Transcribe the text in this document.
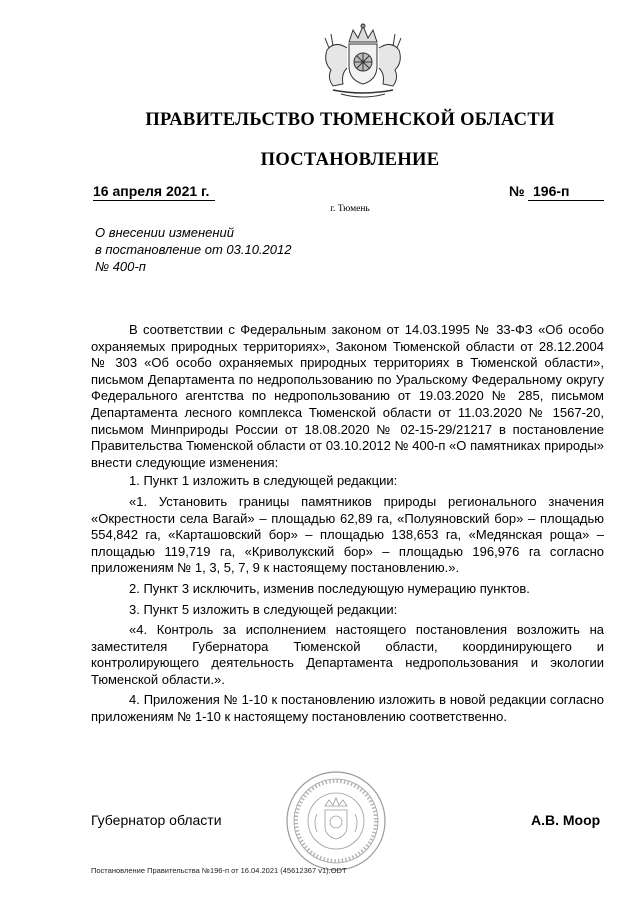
ПРАВИТЕЛЬСТВО ТЮМЕНСКОЙ ОБЛАСТИ
ПОСТАНОВЛЕНИЕ
16 апреля 2021 г.	№ 196-п
г. Тюмень
О внесении изменений
в постановление от 03.10.2012
№ 400-п

В соответствии с Федеральным законом от 14.03.1995 № 33-ФЗ «Об особо охраняемых природных территориях», Законом Тюменской области от 28.12.2004 № 303 «Об особо охраняемых природных территориях в Тюменской области», письмом Департамента по недропользованию по Уральскому Федеральному округу Федерального агентства по недропользованию от 19.03.2020 № 285, письмом Департамента лесного комплекса Тюменской области от 11.03.2020 № 1567-20, письмом Минприроды России от 18.08.2020 № 02-15-29/21217 в постановление Правительства Тюменской области от 03.10.2012 № 400-п «О памятниках природы» внести следующие изменения:

1. Пункт 1 изложить в следующей редакции:

«1. Установить границы памятников природы регионального значения «Окрестности села Вагай» – площадью 62,89 га, «Полуяновский бор» – площадью 554,842 га, «Карташовский бор» – площадью 138,653 га, «Медянская роща» – площадью 119,719 га, «Криволукский бор» – площадью 196,976 га согласно приложениям № 1, 3, 5, 7, 9 к настоящему постановлению.».

2. Пункт 3 исключить, изменив последующую нумерацию пунктов.

3. Пункт 5 изложить в следующей редакции:

«4. Контроль за исполнением настоящего постановления возложить на заместителя Губернатора Тюменской области, координирующего и контролирующего деятельность Департамента недропользования и экологии Тюменской области.».

4. Приложения № 1-10 к постановлению изложить в новой редакции согласно приложениям № 1-10 к настоящему постановлению соответственно.

Губернатор области	А.В. Моор
Постановление Правительства №196-п от 16.04.2021 (45612367 v1).ODT
